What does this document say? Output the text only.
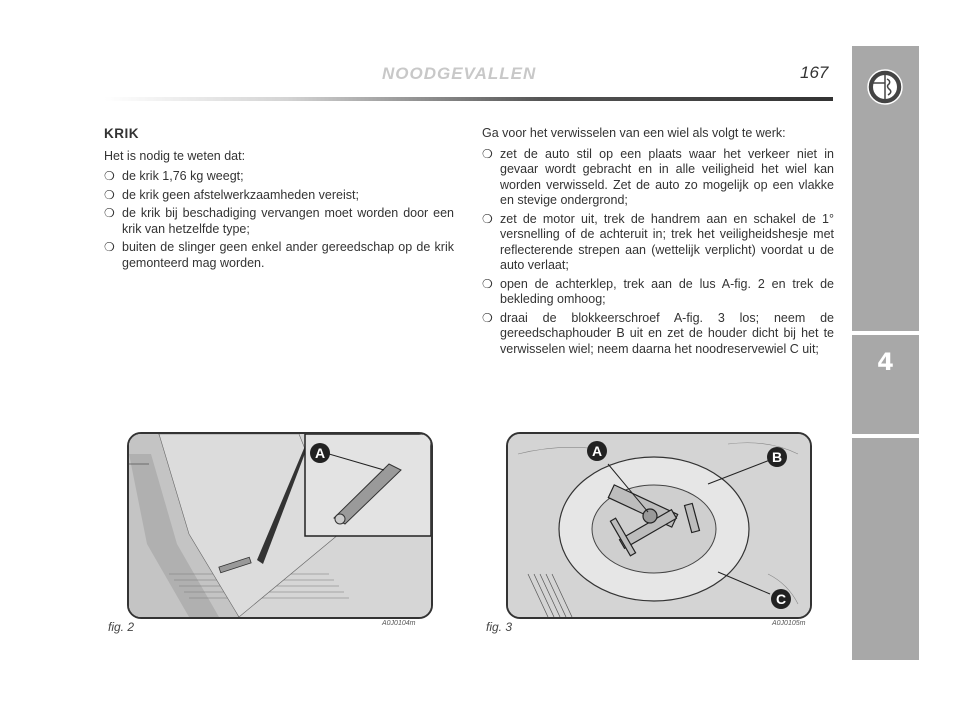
4
NOODGEVALLEN	167
KRIK
Het is nodig te weten dat:
❍ de krik 1,76 kg weegt;
❍ de krik geen afstelwerkzaamheden vereist;
❍ de krik bij beschadiging vervangen moet worden door een krik van hetzelfde type;
❍ buiten de slinger geen enkel ander gereedschap op de krik gemonteerd mag worden.
Ga voor het verwisselen van een wiel als volgt te werk:
❍ zet de auto stil op een plaats waar het verkeer niet in gevaar wordt gebracht en in alle veiligheid het wiel kan worden verwisseld. Zet de auto zo mogelijk op een vlakke en stevige ondergrond;
❍ zet de motor uit, trek de handrem aan en schakel de 1° versnelling of de achteruit in; trek het veiligheidshesje met reflecterende strepen aan (wettelijk verplicht) voordat u de auto verlaat;
❍ open de achterklep, trek aan de lus A-fig. 2 en trek de bekleding omhoog;
❍ draai de blokkeerschroef A-fig. 3 los; neem de gereedschaphouder B uit en zet de houder dicht bij het te verwisselen wiel; neem daarna het noodreservewiel C uit;
A
fig. 2	A0J0104m
A	B
C
fig. 3	A0J0105m
